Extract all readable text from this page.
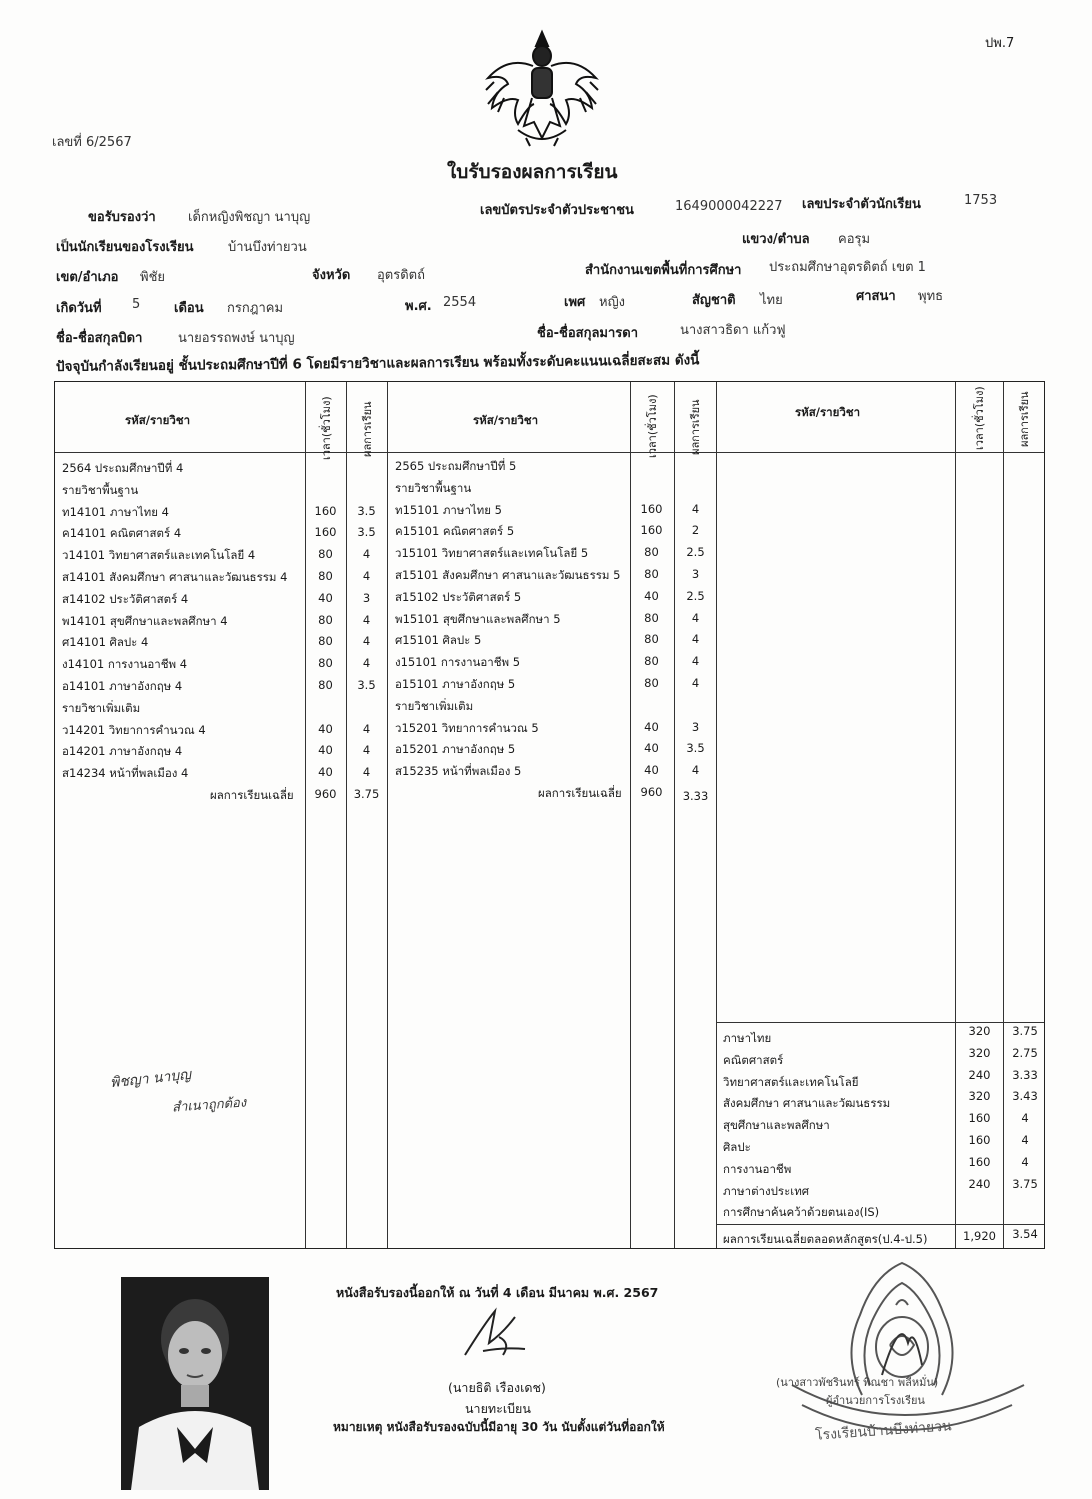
ปพ.7
เลขที่ 6/2567
ใบรับรองผลการเรียน
ขอรับรองว่า เด็กหญิงพิชญา นาบุญ	เลขบัตรประจำตัวประชาชน	1649000042227 เลขประจำตัวนักเรียน	1753
เป็นนักเรียนของโรงเรียน	บ้านบึงท่ายวน
แขวง/ตำบล คอรุม
เขต/อำเภอ พิชัย	จังหวัด อุตรดิตถ์	สำนักงานเขตพื้นที่การศึกษา ประถมศึกษาอุตรดิตถ์ เขต 1
เกิดวันที่ 5	เดือน กรกฎาคม	พ.ศ. 2554	เพศ หญิง	สัญชาติ ไทย	ศาสนา พุทธ
ชื่อ-ชื่อสกุลบิดา	นายอรรถพงษ์ นาบุญ	ชื่อ-ชื่อสกุลมารดา	นางสาวธิดา แก้วฟู
ปัจจุบันกำลังเรียนอยู่ ชั้นประถมศึกษาปีที่ 6 โดยมีรายวิชาและผลการเรียน พร้อมทั้งระดับคะแนนเฉลี่ยสะสม ดังนี้
รหัส/รายวิชา	เวลา(ชั่วโมง)	ผลการเรียน	รหัส/รายวิชา	เวลา(ชั่วโมง)	ผลการเรียน	รหัส/รายวิชา	เวลา(ชั่วโมง)	ผลการเรียน
2564 ประถมศึกษาปีที่ 4
รายวิชาพื้นฐาน
ท14101 ภาษาไทย 4	160	3.5
ค14101 คณิตศาสตร์ 4	160	3.5
ว14101 วิทยาศาสตร์และเทคโนโลยี 4	80	4
ส14101 สังคมศึกษา ศาสนาและวัฒนธรรม 4	80	4
ส14102 ประวัติศาสตร์ 4	40	3
พ14101 สุขศึกษาและพลศึกษา 4	80	4
ศ14101 ศิลปะ 4	80	4
ง14101 การงานอาชีพ 4	80	4
อ14101 ภาษาอังกฤษ 4	80	3.5
รายวิชาเพิ่มเติม
ว14201 วิทยาการคำนวณ 4	40	4
อ14201 ภาษาอังกฤษ 4	40	4
ส14234 หน้าที่พลเมือง 4	40	4
ผลการเรียนเฉลี่ย	960	3.75
2565 ประถมศึกษาปีที่ 5
รายวิชาพื้นฐาน
ท15101 ภาษาไทย 5	160	4
ค15101 คณิตศาสตร์ 5	160	2
ว15101 วิทยาศาสตร์และเทคโนโลยี 5	80	2.5
ส15101 สังคมศึกษา ศาสนาและวัฒนธรรม 5	80	3
ส15102 ประวัติศาสตร์ 5	40	2.5
พ15101 สุขศึกษาและพลศึกษา 5	80	4
ศ15101 ศิลปะ 5	80	4
ง15101 การงานอาชีพ 5	80	4
อ15101 ภาษาอังกฤษ 5	80	4
รายวิชาเพิ่มเติม
ว15201 วิทยาการคำนวณ 5	40	3
อ15201 ภาษาอังกฤษ 5	40	3.5
ส15235 หน้าที่พลเมือง 5	40	4
ผลการเรียนเฉลี่ย	960	3.33
ภาษาไทย	320	3.75
คณิตศาสตร์	320	2.75
วิทยาศาสตร์และเทคโนโลยี	240	3.33
สังคมศึกษา ศาสนาและวัฒนธรรม	320	3.43
สุขศึกษาและพลศึกษา	160	4
ศิลปะ	160	4
การงานอาชีพ	160	4
ภาษาต่างประเทศ	240	3.75
การศึกษาค้นคว้าด้วยตนเอง(IS)
ผลการเรียนเฉลี่ยตลอดหลักสูตร(ป.4-ป.5)	1,920	3.54
พิชญา นาบุญ
สำเนาถูกต้อง
หนังสือรับรองนี้ออกให้ ณ วันที่ 4 เดือน มีนาคม พ.ศ. 2567
(นายธิติ เรืองเดช)
นายทะเบียน
หมายเหตุ หนังสือรับรองฉบับนี้มีอายุ 30 วัน นับตั้งแต่วันที่ออกให้
(นางสาวพัชรินทร์ พิณชา พลีหมั่น)
ผู้อำนวยการโรงเรียน
โรงเรียนบ้านบึงท่ายวน
